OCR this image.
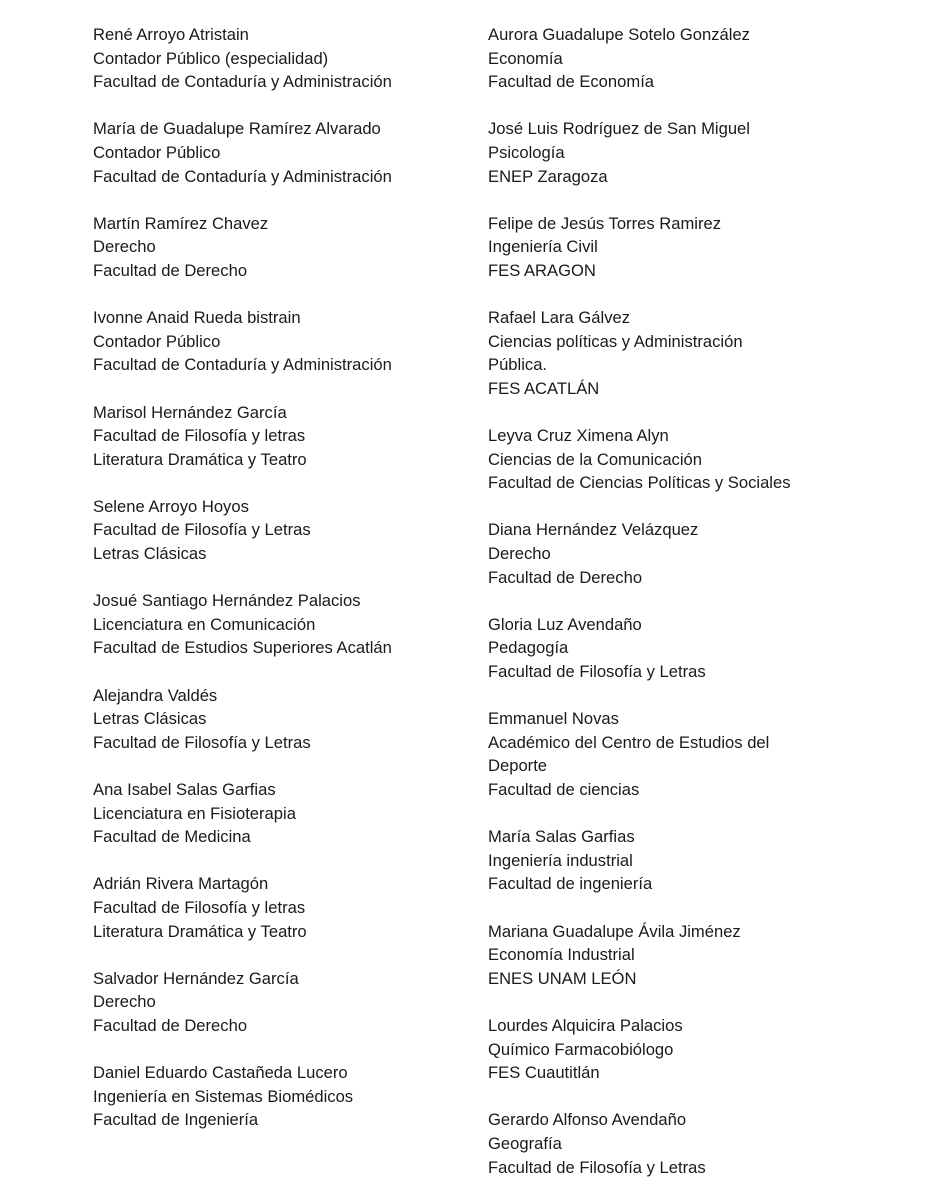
René Arroyo Atristain
Contador Público (especialidad)
Facultad de Contaduría y Administración
María de Guadalupe Ramírez Alvarado
Contador Público
Facultad de Contaduría y Administración
Martín Ramírez Chavez
Derecho
Facultad de Derecho
Ivonne Anaid Rueda bistrain
Contador Público
Facultad de Contaduría y Administración
Marisol Hernández García
Facultad de Filosofía y letras
Literatura Dramática y Teatro
Selene Arroyo Hoyos
Facultad de Filosofía y Letras
Letras Clásicas
Josué Santiago Hernández Palacios
Licenciatura en Comunicación
Facultad de Estudios Superiores Acatlán
Alejandra Valdés
Letras Clásicas
Facultad de Filosofía y Letras
Ana Isabel Salas Garfias
Licenciatura en Fisioterapia
Facultad de Medicina
Adrián Rivera Martagón
Facultad de Filosofía y letras
Literatura Dramática y Teatro
Salvador Hernández García
Derecho
Facultad de Derecho
Daniel Eduardo Castañeda Lucero
Ingeniería en Sistemas Biomédicos
Facultad de Ingeniería
Aurora Guadalupe Sotelo González
Economía
Facultad de Economía
José Luis Rodríguez de San Miguel
Psicología
ENEP Zaragoza
Felipe de Jesús Torres Ramirez
Ingeniería Civil
FES ARAGON
Rafael Lara Gálvez
Ciencias políticas y Administración
Pública.
FES ACATLÁN
Leyva Cruz Ximena Alyn
Ciencias de la Comunicación
Facultad de Ciencias Políticas y Sociales
Diana Hernández Velázquez
Derecho
Facultad de Derecho
Gloria Luz Avendaño
Pedagogía
Facultad de Filosofía y Letras
Emmanuel Novas
Académico del Centro de Estudios del
Deporte
Facultad de ciencias
María Salas Garfias
Ingeniería industrial
Facultad de ingeniería
Mariana Guadalupe Ávila Jiménez
Economía Industrial
ENES UNAM LEÓN
Lourdes Alquicira Palacios
Químico Farmacobiólogo
FES Cuautitlán
Gerardo Alfonso Avendaño
Geografía
Facultad de Filosofía y Letras
